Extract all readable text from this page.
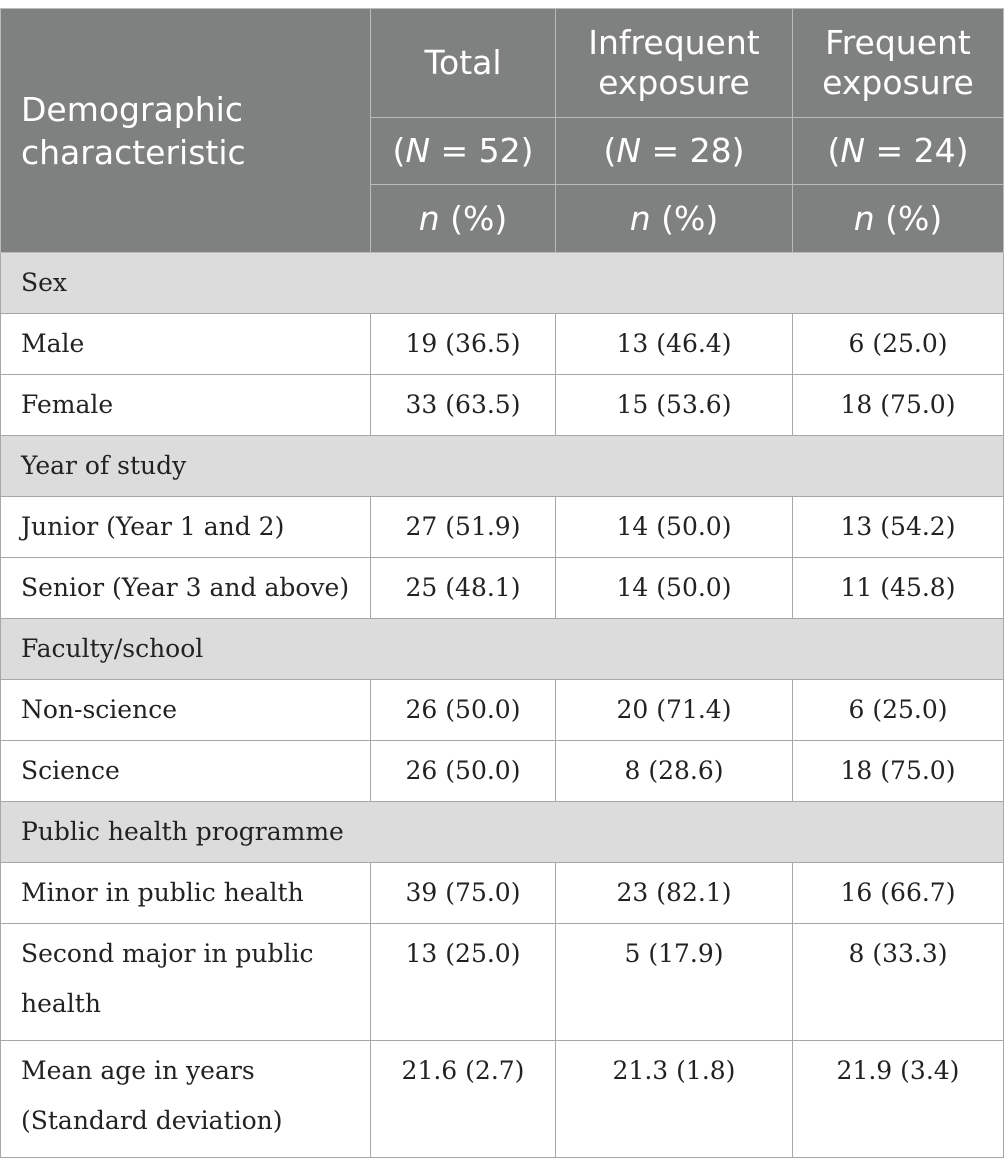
Demographic characteristic	Total	Infrequent exposure	Frequent exposure
	(N = 52)	(N = 28)	(N = 24)
	n (%)	n (%)	n (%)
Sex			
Male	19 (36.5)	13 (46.4)	6 (25.0)
Female	33 (63.5)	15 (53.6)	18 (75.0)
Year of study			
Junior (Year 1 and 2)	27 (51.9)	14 (50.0)	13 (54.2)
Senior (Year 3 and above)	25 (48.1)	14 (50.0)	11 (45.8)
Faculty/school			
Non-science	26 (50.0)	20 (71.4)	6 (25.0)
Science	26 (50.0)	8 (28.6)	18 (75.0)
Public health programme			
Minor in public health	39 (75.0)	23 (82.1)	16 (66.7)
Second major in public health	13 (25.0)	5 (17.9)	8 (33.3)
Mean age in years (Standard deviation)	21.6 (2.7)	21.3 (1.8)	21.9 (3.4)
